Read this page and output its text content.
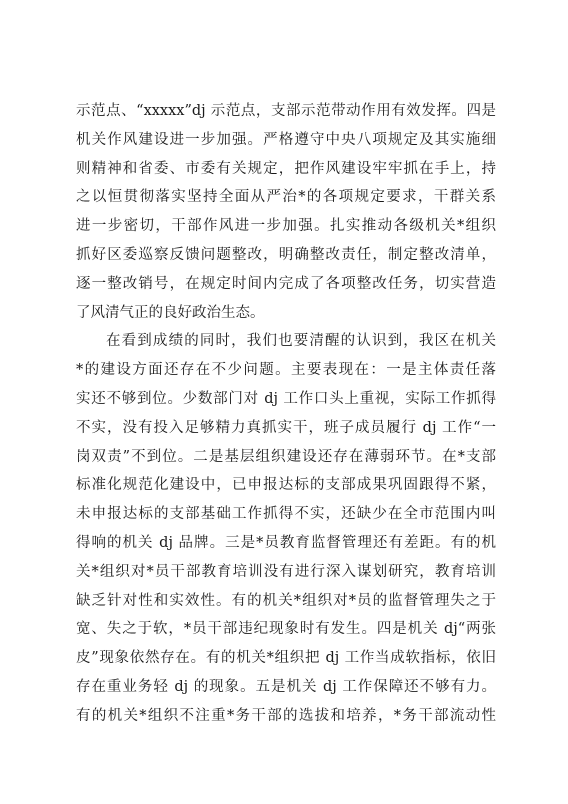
示范点、“xxxxx”dj 示范点，支部示范带动作用有效发挥。四是
机关作风建设进一步加强。严格遵守中央八项规定及其实施细
则精神和省委、市委有关规定，把作风建设牢牢抓在手上，持
之以恒贯彻落实坚持全面从严治*的各项规定要求，干群关系
进一步密切，干部作风进一步加强。扎实推动各级机关*组织
抓好区委巡察反馈问题整改，明确整改责任，制定整改清单，
逐一整改销号，在规定时间内完成了各项整改任务，切实营造
了风清气正的良好政治生态。
在看到成绩的同时，我们也要清醒的认识到，我区在机关
*的建设方面还存在不少问题。主要表现在：一是主体责任落
实还不够到位。少数部门对 dj 工作口头上重视，实际工作抓得
不实，没有投入足够精力真抓实干，班子成员履行 dj 工作“一
岗双责”不到位。二是基层组织建设还存在薄弱环节。在*支部
标准化规范化建设中，已申报达标的支部成果巩固跟得不紧，
未申报达标的支部基础工作抓得不实，还缺少在全市范围内叫
得响的机关 dj 品牌。三是*员教育监督管理还有差距。有的机
关*组织对*员干部教育培训没有进行深入谋划研究，教育培训
缺乏针对性和实效性。有的机关*组织对*员的监督管理失之于
宽、失之于软，*员干部违纪现象时有发生。四是机关 dj“两张
皮”现象依然存在。有的机关*组织把 dj 工作当成软指标，依旧
存在重业务轻 dj 的现象。五是机关 dj 工作保障还不够有力。
有的机关*组织不注重*务干部的选拔和培养，*务干部流动性
